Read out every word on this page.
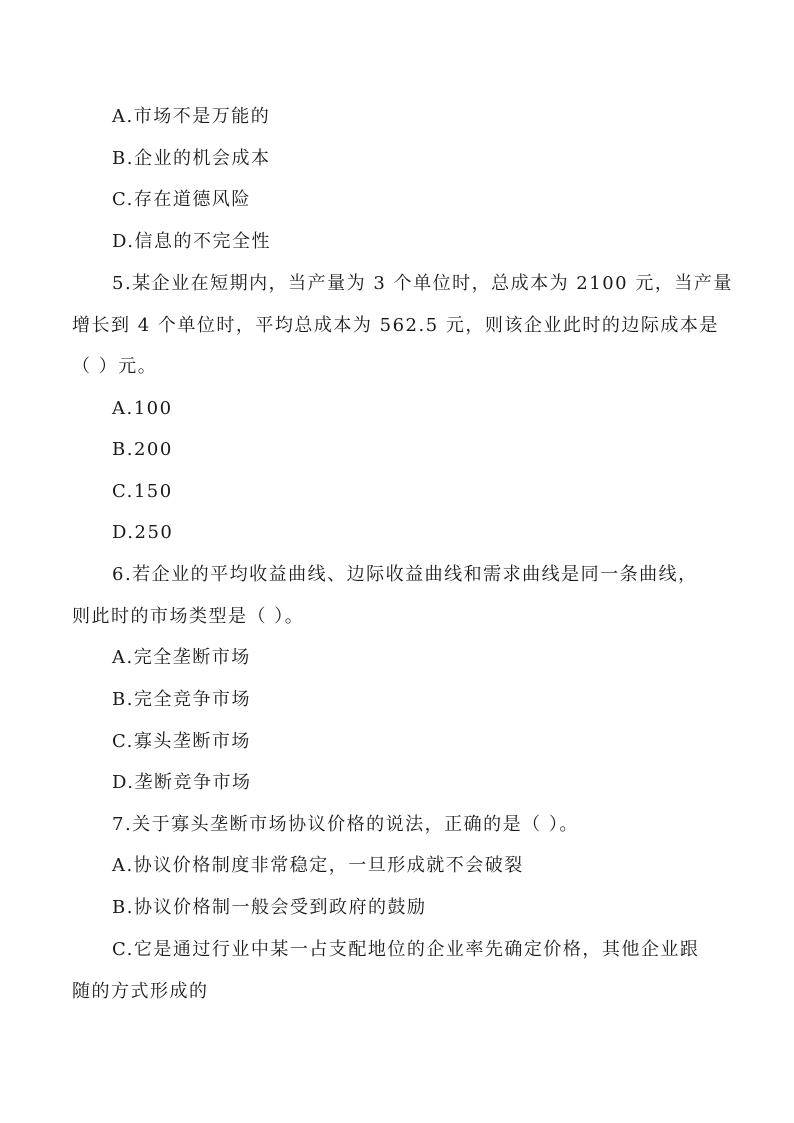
A.市场不是万能的
B.企业的机会成本
C.存在道德风险
D.信息的不完全性
5.某企业在短期内，当产量为 3 个单位时，总成本为 2100 元，当产量
增长到 4 个单位时，平均总成本为 562.5 元，则该企业此时的边际成本是
（ ）元。
A.100
B.200
C.150
D.250
6.若企业的平均收益曲线、边际收益曲线和需求曲线是同一条曲线，
则此时的市场类型是（ ）。
A.完全垄断市场
B.完全竞争市场
C.寡头垄断市场
D.垄断竞争市场
7.关于寡头垄断市场协议价格的说法，正确的是（ ）。
A.协议价格制度非常稳定，一旦形成就不会破裂
B.协议价格制一般会受到政府的鼓励
C.它是通过行业中某一占支配地位的企业率先确定价格，其他企业跟
随的方式形成的
